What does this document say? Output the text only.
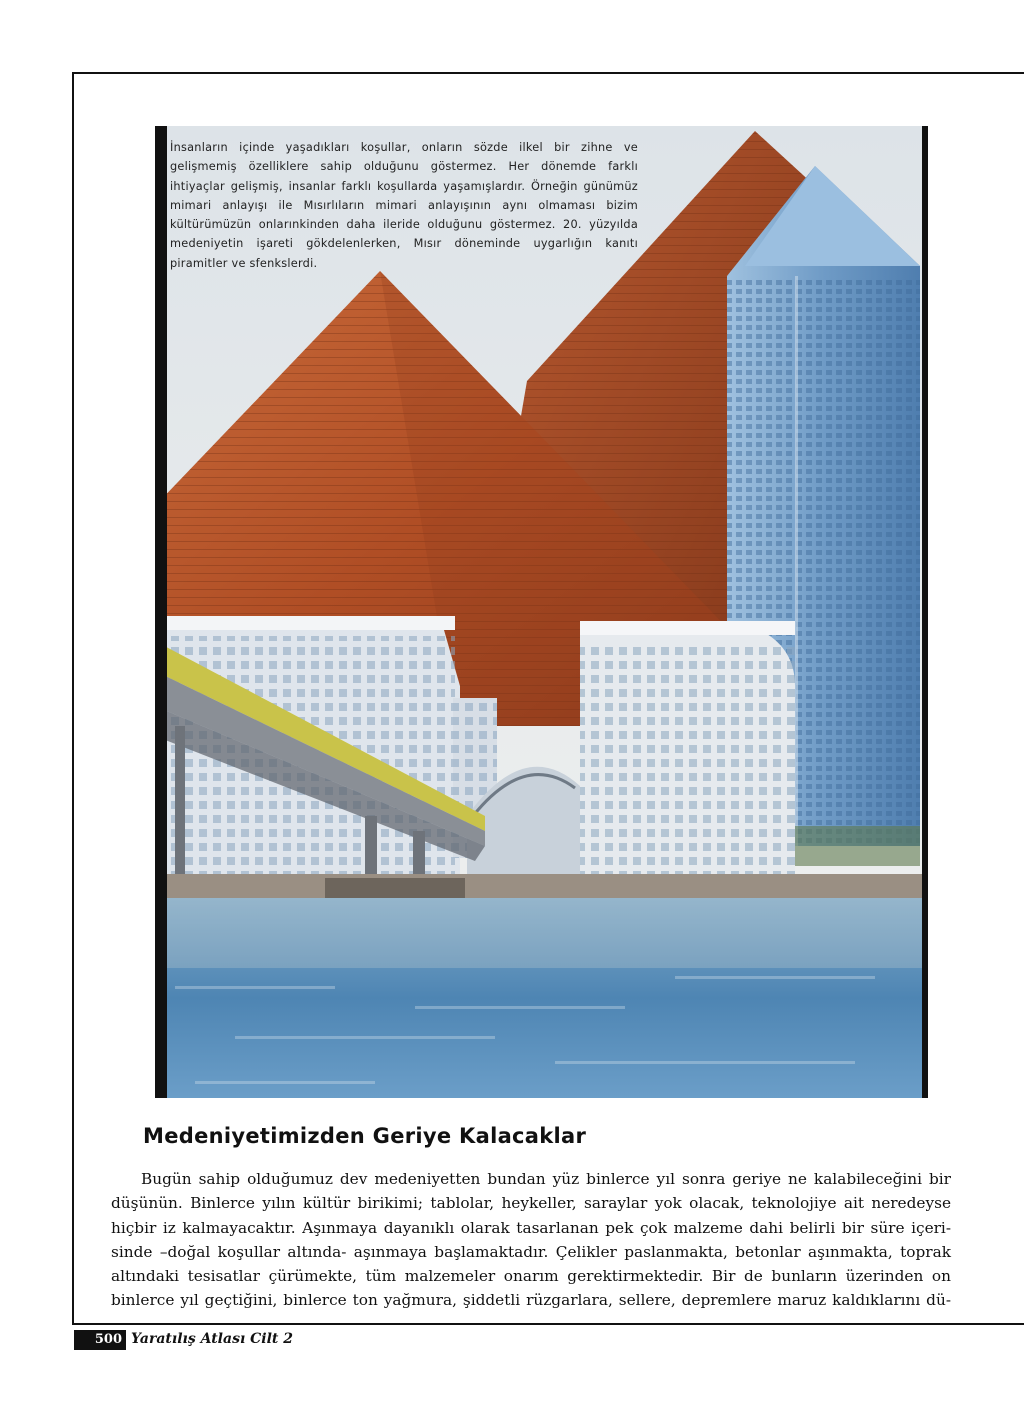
İnsanların içinde yaşadıkları koşullar, onların sözde ilkel bir zihne ve gelişmemiş özelliklere sahip olduğunu göstermez. Her dönemde farklı ihtiyaçlar gelişmiş, insanlar farklı koşullarda yaşamışlardır. Örneğin günümüz mimari anlayışı ile Mısırlıların mimari anlayışının aynı olmaması bizim kültürümüzün onlarınkinden daha ileride olduğunu göstermez. 20. yüzyılda medeniyetin işareti gökdelenlerken, Mısır döneminde uygarlığın kanıtı piramitler ve sfenkslerdi.
Medeniyetimizden Geriye Kalacaklar
Bugün sahip olduğumuz dev medeniyetten bundan yüz binlerce yıl sonra geriye ne kalabileceğini bir
düşünün. Binlerce yılın kültür birikimi; tablolar, heykeller, saraylar yok olacak, teknolojiye ait neredeyse
hiçbir iz kalmayacaktır. Aşınmaya dayanıklı olarak tasarlanan pek çok malzeme dahi belirli bir süre içeri-
sinde –doğal koşullar altında- aşınmaya başlamaktadır. Çelikler paslanmakta, betonlar aşınmakta, toprak
altındaki tesisatlar çürümekte, tüm malzemeler onarım gerektirmektedir. Bir de bunların üzerinden on
binlerce yıl geçtiğini, binlerce ton yağmura, şiddetli rüzgarlara, sellere, depremlere maruz kaldıklarını dü-
500 Yaratılış Atlası Cilt 2
